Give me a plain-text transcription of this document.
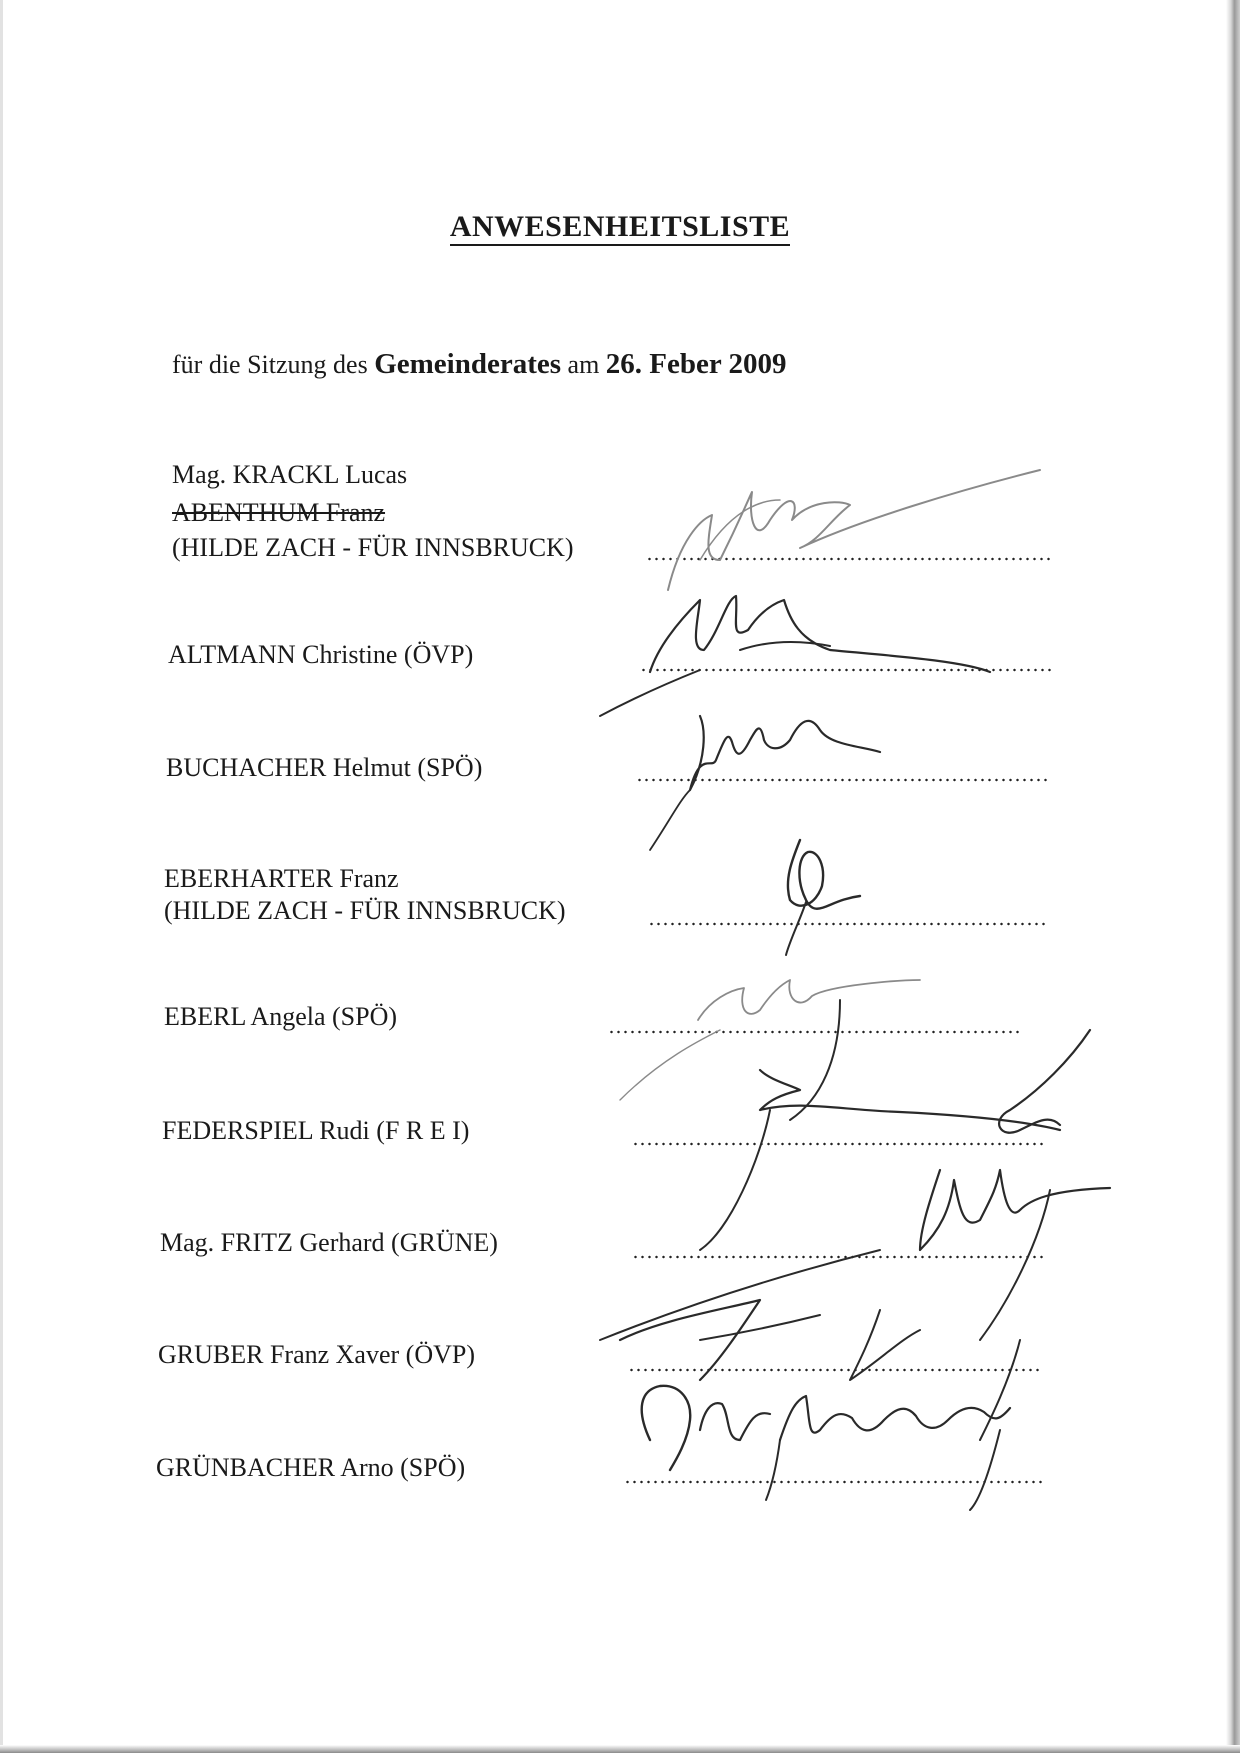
ANWESENHEITSLISTE
für die Sitzung des Gemeinderates am 26. Feber 2009
Mag. KRACKL Lucas
ABENTHUM Franz
(HILDE ZACH - FÜR INNSBRUCK)
ALTMANN Christine (ÖVP)
BUCHACHER Helmut (SPÖ)
EBERHARTER Franz
(HILDE ZACH - FÜR INNSBRUCK)
EBERL Angela (SPÖ)
FEDERSPIEL Rudi (F R E I)
Mag. FRITZ Gerhard (GRÜNE)
GRUBER Franz Xaver (ÖVP)
GRÜNBACHER Arno (SPÖ)
